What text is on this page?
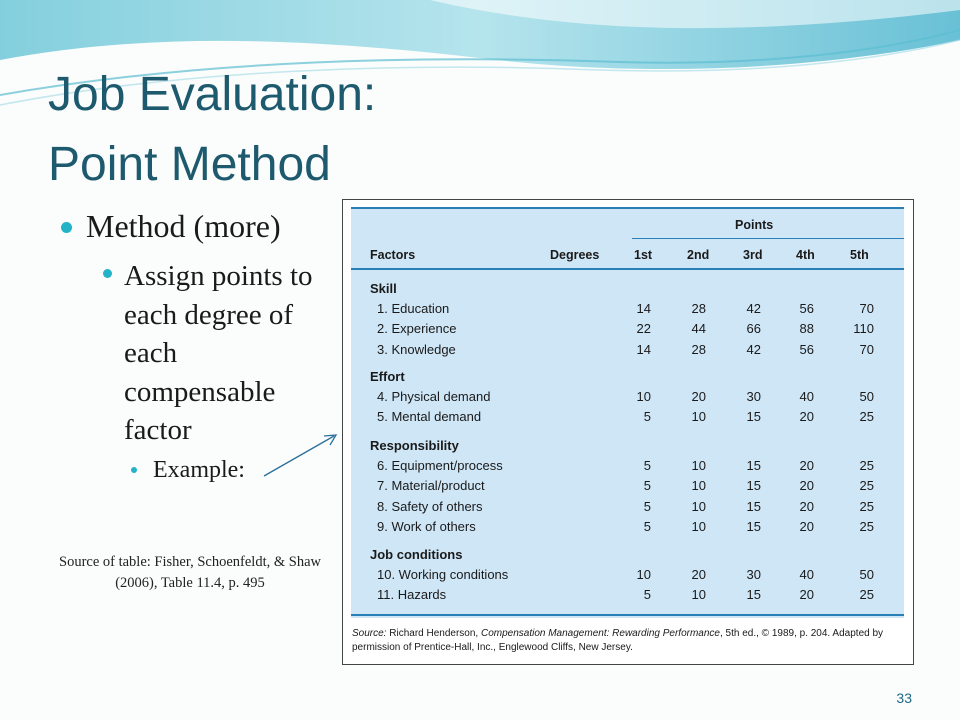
Job Evaluation:
Point Method
Method (more)
Assign points to each degree of each compensable factor
Example:
Source of table: Fisher, Schoenfeldt, & Shaw (2006), Table 11.4, p. 495
Points
Factors	Degrees	1st	2nd	3rd	4th	5th
Skill
1. Education	14	28	42	56	70
2. Experience	22	44	66	88	110
3. Knowledge	14	28	42	56	70
Effort
4. Physical demand	10	20	30	40	50
5. Mental demand	5	10	15	20	25
Responsibility
6. Equipment/process	5	10	15	20	25
7. Material/product	5	10	15	20	25
8. Safety of others	5	10	15	20	25
9. Work of others	5	10	15	20	25
Job conditions
10. Working conditions	10	20	30	40	50
11. Hazards	5	10	15	20	25
Source: Richard Henderson, Compensation Management: Rewarding Performance, 5th ed., © 1989, p. 204. Adapted by permission of Prentice-Hall, Inc., Englewood Cliffs, New Jersey.
33
